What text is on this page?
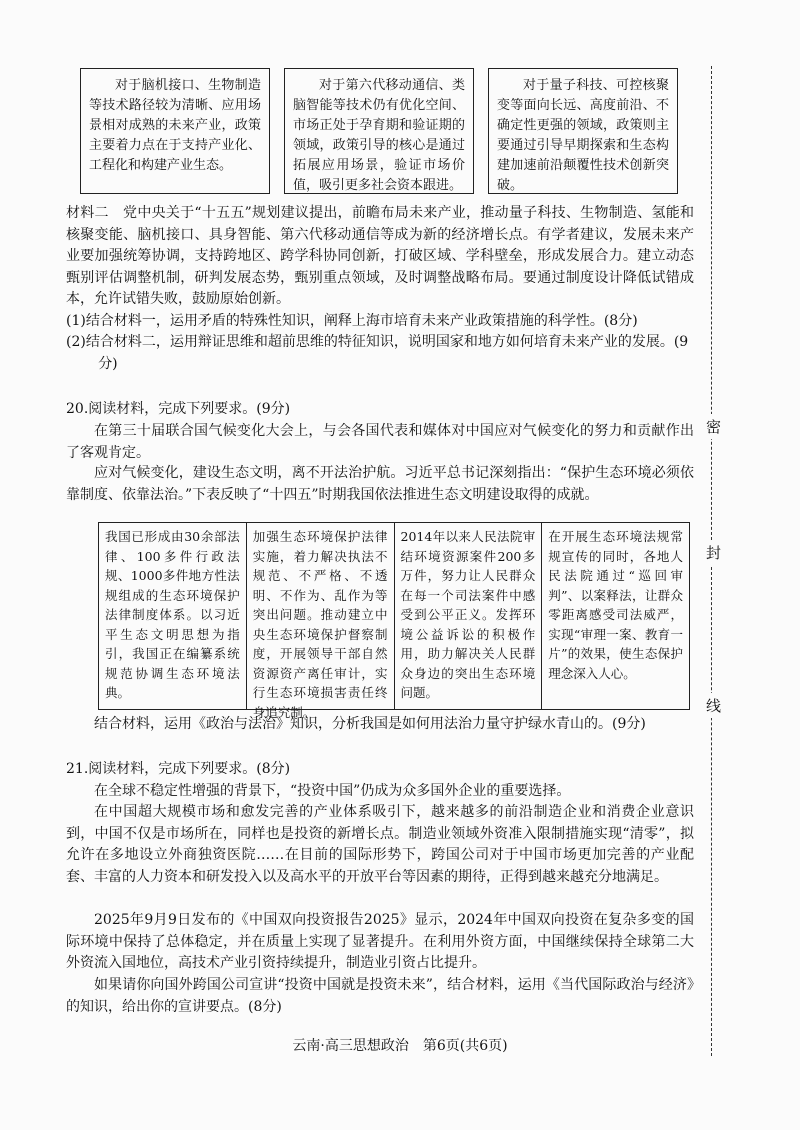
对于脑机接口、生物制造等技术路径较为清晰、应用场景相对成熟的未来产业，政策主要着力点在于支持产业化、工程化和构建产业生态。
对于第六代移动通信、类脑智能等技术仍有优化空间、市场正处于孕育期和验证期的领域，政策引导的核心是通过拓展应用场景，验证市场价值，吸引更多社会资本跟进。
对于量子科技、可控核聚变等面向长远、高度前沿、不确定性更强的领域，政策则主要通过引导早期探索和生态构建加速前沿颠覆性技术创新突破。
材料二　党中央关于“十五五”规划建议提出，前瞻布局未来产业，推动量子科技、生物制造、氢能和核聚变能、脑机接口、具身智能、第六代移动通信等成为新的经济增长点。有学者建议，发展未来产业要加强统筹协调，支持跨地区、跨学科协同创新，打破区域、学科壁垒，形成发展合力。建立动态甄别评估调整机制，研判发展态势，甄别重点领域，及时调整战略布局。要通过制度设计降低试错成本，允许试错失败，鼓励原始创新。
(1)结合材料一，运用矛盾的特殊性知识，阐释上海市培育未来产业政策措施的科学性。(8分)
(2)结合材料二，运用辩证思维和超前思维的特征知识，说明国家和地方如何培育未来产业的发展。(9分)
20.阅读材料，完成下列要求。(9分)
在第三十届联合国气候变化大会上，与会各国代表和媒体对中国应对气候变化的努力和贡献作出了客观肯定。
应对气候变化，建设生态文明，离不开法治护航。习近平总书记深刻指出：“保护生态环境必须依靠制度、依靠法治。”下表反映了“十四五”时期我国依法推进生态文明建设取得的成就。
我国已形成由30余部法律、100多件行政法规、1000多件地方性法规组成的生态环境保护法律制度体系。以习近平生态文明思想为指引，我国正在编纂系统规范协调生态环境法典。
加强生态环境保护法律实施，着力解决执法不规范、不严格、不透明、不作为、乱作为等突出问题。推动建立中央生态环境保护督察制度，开展领导干部自然资源资产离任审计，实行生态环境损害责任终身追究制。
2014年以来人民法院审结环境资源案件200多万件，努力让人民群众在每一个司法案件中感受到公平正义。发挥环境公益诉讼的积极作用，助力解决关人民群众身边的突出生态环境问题。
在开展生态环境法规常规宣传的同时，各地人民法院通过“巡回审判”、以案释法，让群众零距离感受司法威严，实现“审理一案、教育一片”的效果，使生态保护理念深入人心。
结合材料，运用《政治与法治》知识，分析我国是如何用法治力量守护绿水青山的。(9分)
21.阅读材料，完成下列要求。(8分)
在全球不稳定性增强的背景下，“投资中国”仍成为众多国外企业的重要选择。
在中国超大规模市场和愈发完善的产业体系吸引下，越来越多的前沿制造企业和消费企业意识到，中国不仅是市场所在，同样也是投资的新增长点。制造业领域外资准入限制措施实现“清零”，拟允许在多地设立外商独资医院……在目前的国际形势下，跨国公司对于中国市场更加完善的产业配套、丰富的人力资本和研发投入以及高水平的开放平台等因素的期待，正得到越来越充分地满足。
2025年9月9日发布的《中国双向投资报告2025》显示，2024年中国双向投资在复杂多变的国际环境中保持了总体稳定，并在质量上实现了显著提升。在利用外资方面，中国继续保持全球第二大外资流入国地位，高技术产业引资持续提升，制造业引资占比提升。
如果请你向国外跨国公司宣讲“投资中国就是投资未来”，结合材料，运用《当代国际政治与经济》的知识，给出你的宣讲要点。(8分)
云南·高三思想政治　第6页(共6页)
密
封
线
